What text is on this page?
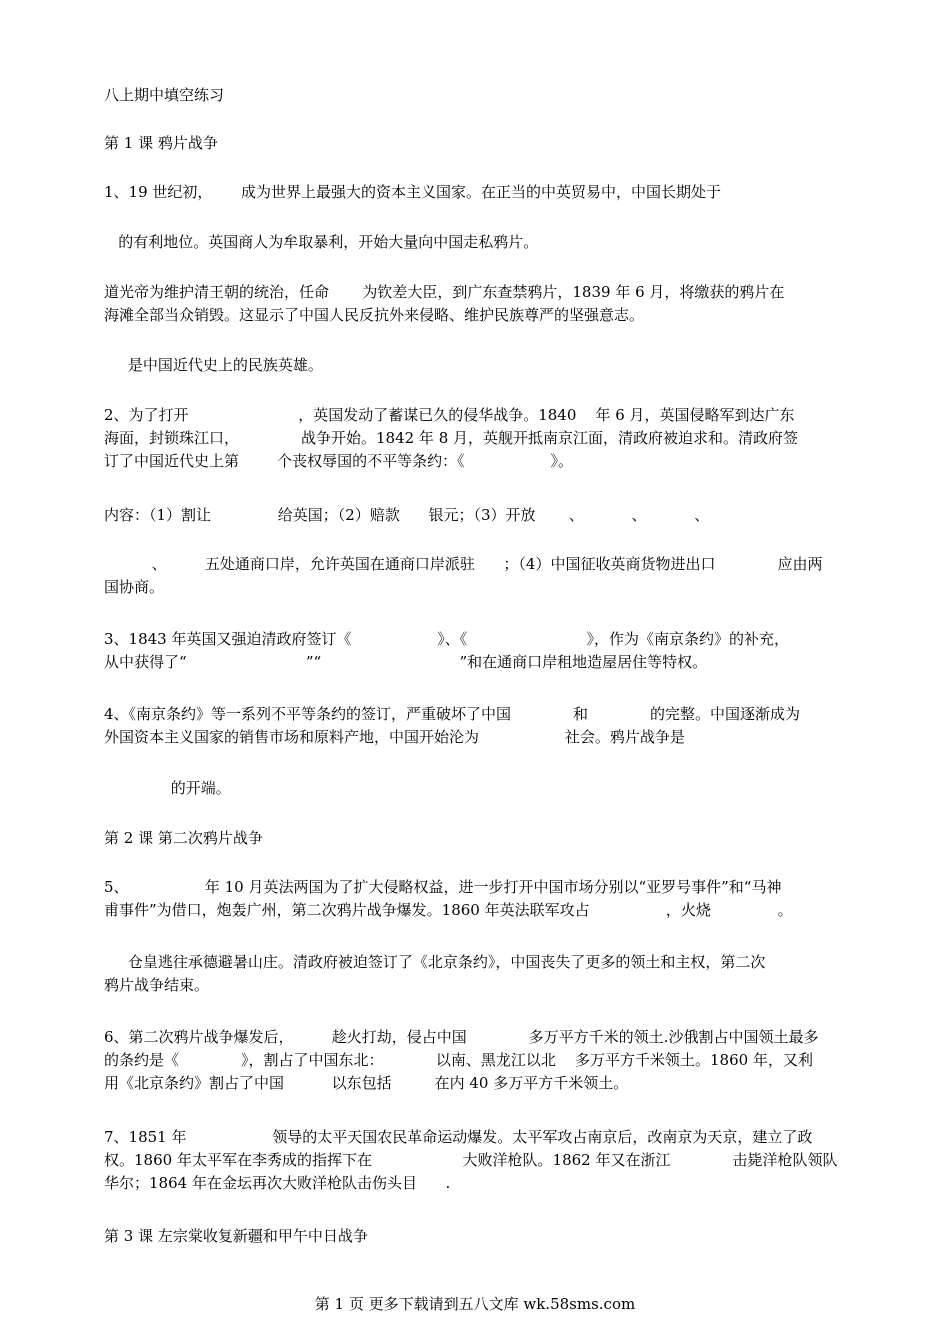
八上期中填空练习
第 1 课 鸦片战争
1、19 世纪初，      成为世界上最强大的资本主义国家。在正当的中英贸易中，中国长期处于
的有利地位。英国商人为牟取暴利，开始大量向中国走私鸦片。
道光帝为维护清王朝的统治，任命       为钦差大臣，到广东查禁鸦片，1839 年 6 月，将缴获的鸦片在
海滩全部当众销毁。这显示了中国人民反抗外来侵略、维护民族尊严的坚强意志。
是中国近代史上的民族英雄。
2、为了打开                       ，英国发动了蓄谋已久的侵华战争。1840    年 6 月，英国侵略军到达广东
海面，封锁珠江口，             战争开始。1842 年 8 月，英舰开抵南京江面，清政府被迫求和。清政府签
订了中国近代史上第        个丧权辱国的不平等条约：《                  》。
内容：（1）割让              给英国；（2）赔款      银元；（3）开放       、          、          、
、        五处通商口岸，允许英国在通商口岸派驻      ；（4）中国征收英商货物进出口             应由两
国协商。
3、1843 年英国又强迫清政府签订《                  》、《                         》，作为《南京条约》的补充，
从中获得了“                         ”“                             ”和在通商口岸租地造屋居住等特权。
4、《南京条约》等一系列不平等条约的签订，严重破坏了中国             和             的完整。中国逐渐成为
外国资本主义国家的销售市场和原料产地，中国开始沦为                  社会。鸦片战争是
的开端。
第 2 课 第二次鸦片战争
5、                年 10 月英法两国为了扩大侵略权益，进一步打开中国市场分别以“亚罗号事件”和“马神
甫事件”为借口，炮轰广州，第二次鸦片战争爆发。1860 年英法联军攻占                ，火烧              。
仓皇逃往承德避暑山庄。清政府被迫签订了《北京条约》，中国丧失了更多的领土和主权，第二次
鸦片战争结束。
6、第二次鸦片战争爆发后，        趁火打劫，侵占中国             多万平方千米的领土.沙俄割占中国领土最多
的条约是《             》，割占了中国东北：           以南、黑龙江以北    多万平方千米领土。1860 年，又利
用《北京条约》割占了中国          以东包括         在内 40 多万平方千米领土。
7、1851 年                  领导的太平天国农民革命运动爆发。太平军攻占南京后，改南京为天京，建立了政
权。1860 年太平军在李秀成的指挥下在                   大败洋枪队。1862 年又在浙江             击毙洋枪队领队
华尔；1864 年在金坛再次大败洋枪队击伤头目      .
第 3 课 左宗棠收复新疆和甲午中日战争
第 1 页 更多下载请到五八文库 wk.58sms.com
